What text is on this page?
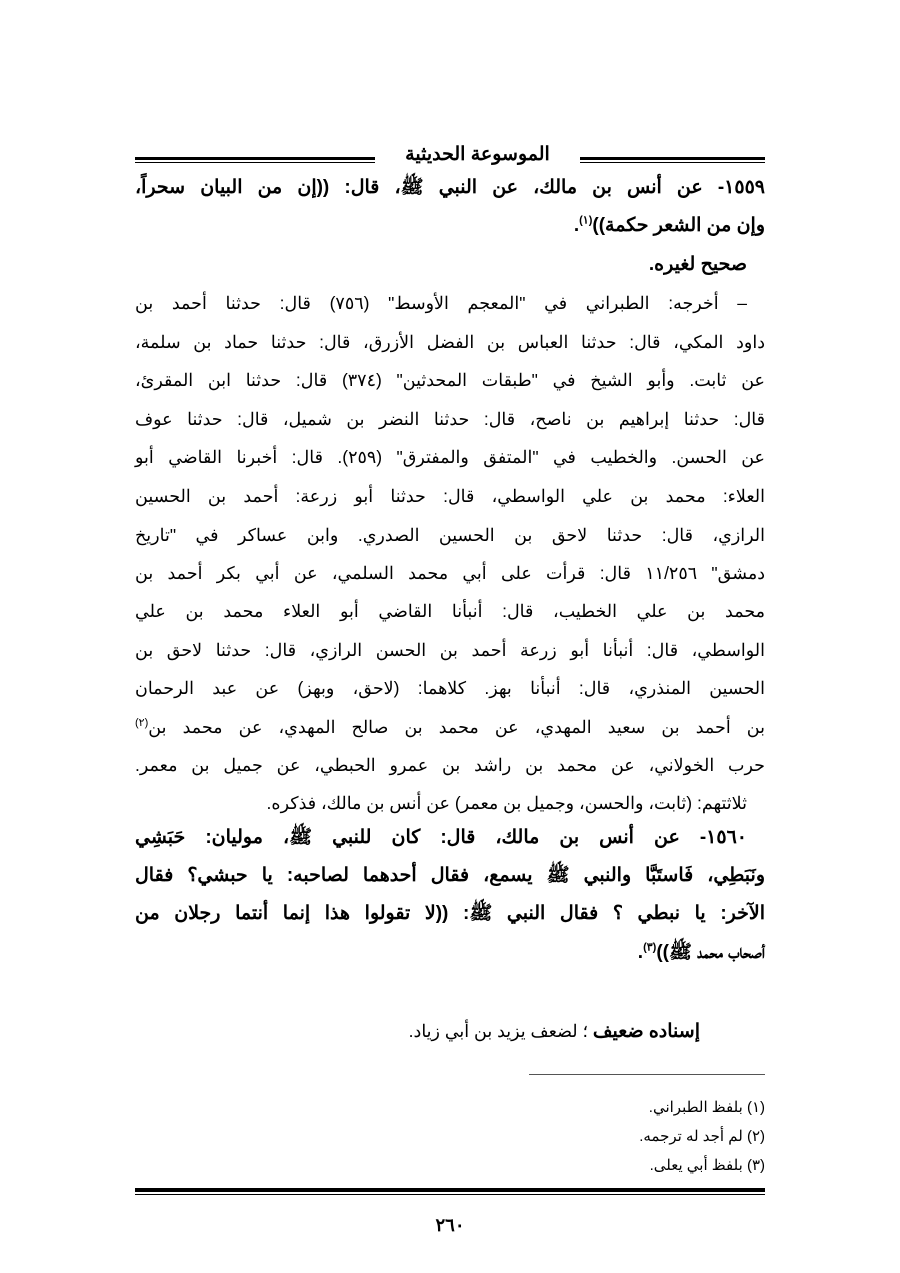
الموسوعة الحديثية
١٥٥٩- عن أنس بن مالك، عن النبي ﷺ، قال: ((إن من البيان سحراً،
وإن من الشعر حكمة))$^{(١)}$.
صحيح لغيره.
– أخرجه: الطبراني في "المعجم الأوسط" (٧٥٦) قال: حدثنا أحمد بن
داود المكي، قال: حدثنا العباس بن الفضل الأزرق، قال: حدثنا حماد بن سلمة،
عن ثابت. وأبو الشيخ في "طبقات المحدثين" (٣٧٤) قال: حدثنا ابن المقرئ،
قال: حدثنا إبراهيم بن ناصح، قال: حدثنا النضر بن شميل، قال: حدثنا عوف
عن الحسن. والخطيب في "المتفق والمفترق" (٢٥٩). قال: أخبرنا القاضي أبو
العلاء: محمد بن علي الواسطي، قال: حدثنا أبو زرعة: أحمد بن الحسين
الرازي، قال: حدثنا لاحق بن الحسين الصدري. وابن عساكر في "تاريخ
دمشق" ١١/٢٥٦ قال: قرأت على أبي محمد السلمي، عن أبي بكر أحمد بن
محمد بن علي الخطيب، قال: أنبأنا القاضي أبو العلاء محمد بن علي
الواسطي، قال: أنبأنا أبو زرعة أحمد بن الحسن الرازي، قال: حدثنا لاحق بن
الحسين المنذري، قال: أنبأنا بهز. كلاهما: (لاحق، وبهز) عن عبد الرحمان
بن أحمد بن سعيد المهدي، عن محمد بن صالح المهدي، عن محمد بن$^{(٢)}$
حرب الخولاني، عن محمد بن راشد بن عمرو الحبطي، عن جميل بن معمر.
ثلاثتهم: (ثابت، والحسن، وجميل بن معمر) عن أنس بن مالك، فذكره.
١٥٦٠- عن أنس بن مالك، قال: كان للنبي ﷺ، موليان: حَبَشِي
ونَبَطِي، فَاستَبَّا والنبي ﷺ يسمع، فقال أحدهما لصاحبه: يا حبشي؟ فقال
الآخر: يا نبطي ؟ فقال النبي ﷺ: ((لا تقولوا هذا إنما أنتما رجلان من
أصحاب محمد ﷺ))$^{(٣)}$.
إسناده ضعيف ؛ لضعف يزيد بن أبي زياد.
(١) بلفظ الطبراني.
(٢) لم أجد له ترجمه.
(٣) بلفظ أبي يعلى.
٢٦٠
